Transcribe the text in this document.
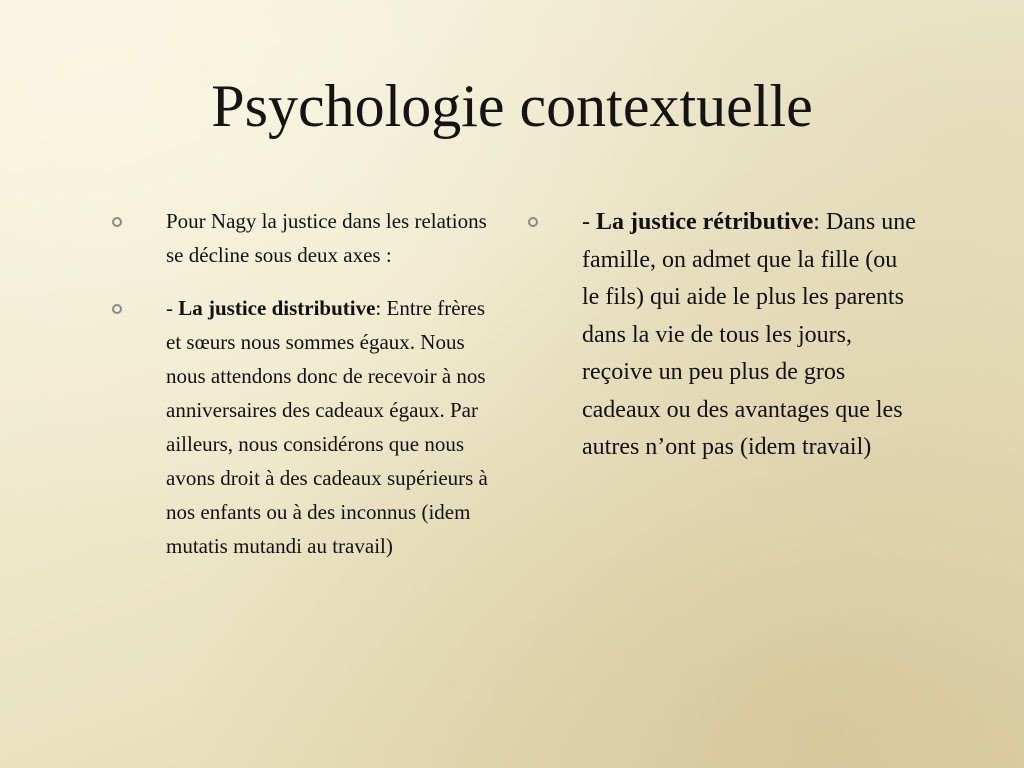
Psychologie contextuelle
Pour Nagy la justice dans les relations se décline sous deux axes :
- La justice distributive: Entre frères et sœurs nous sommes égaux. Nous nous attendons donc de recevoir à nos anniversaires des cadeaux égaux. Par ailleurs, nous considérons que nous avons droit à des cadeaux supérieurs à nos enfants ou à des inconnus (idem mutatis mutandi au travail)
- La justice rétributive: Dans une famille, on admet que la fille (ou le fils) qui aide le plus les parents dans la vie de tous les jours, reçoive un peu plus de gros cadeaux ou des avantages que les autres n’ont pas (idem travail)
